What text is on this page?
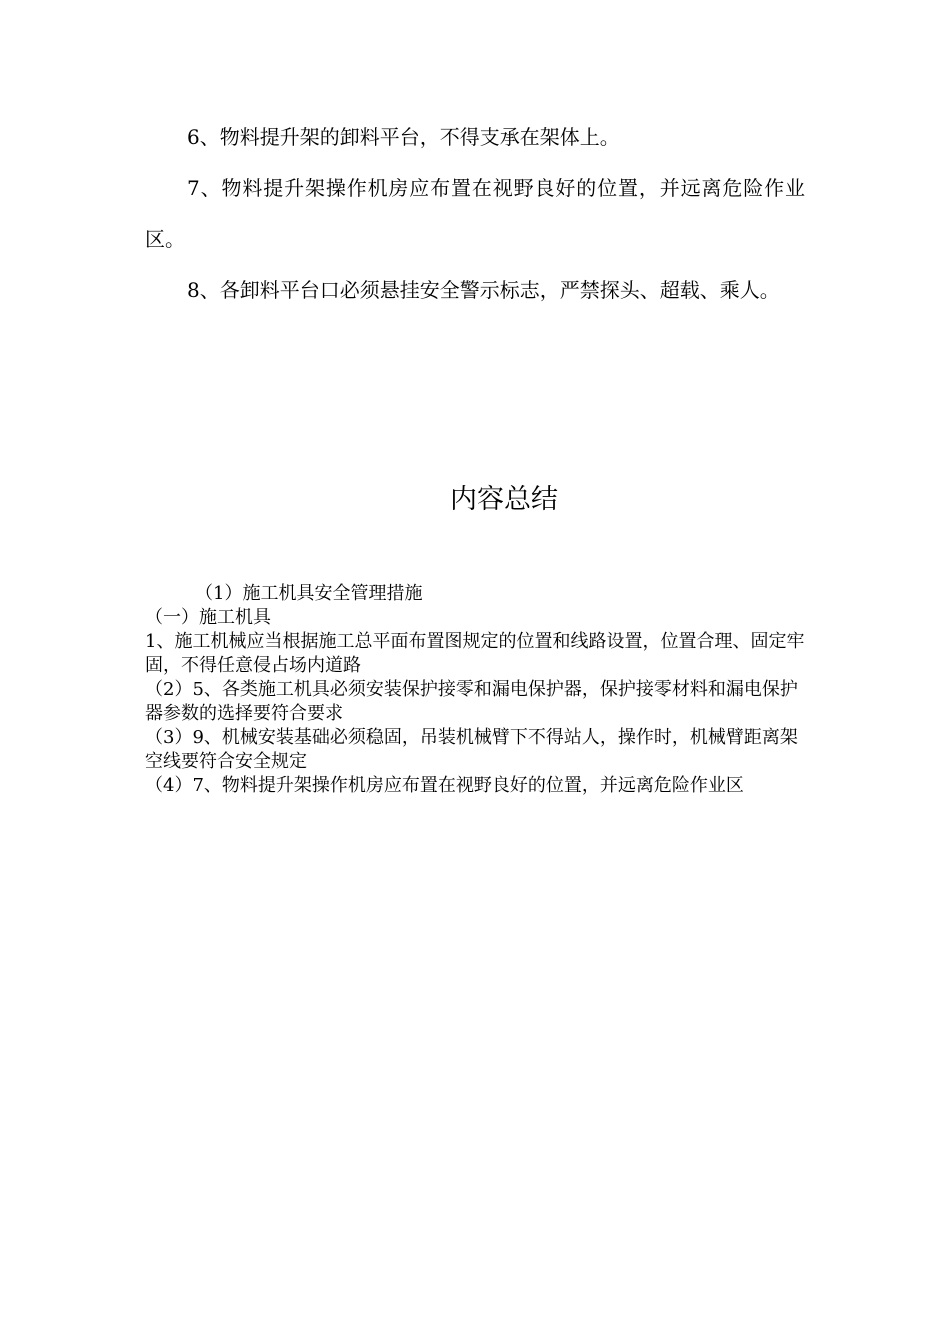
6、物料提升架的卸料平台，不得支承在架体上。

7、物料提升架操作机房应布置在视野良好的位置，并远离危险作业区。

8、各卸料平台口必须悬挂安全警示标志，严禁探头、超载、乘人。

内容总结

（1）施工机具安全管理措施

（一）施工机具

1、施工机械应当根据施工总平面布置图规定的位置和线路设置，位置合理、固定牢固，不得任意侵占场内道路

（2）5、各类施工机具必须安装保护接零和漏电保护器，保护接零材料和漏电保护器参数的选择要符合要求

（3）9、机械安装基础必须稳固，吊装机械臂下不得站人，操作时，机械臂距离架空线要符合安全规定

（4）7、物料提升架操作机房应布置在视野良好的位置，并远离危险作业区
